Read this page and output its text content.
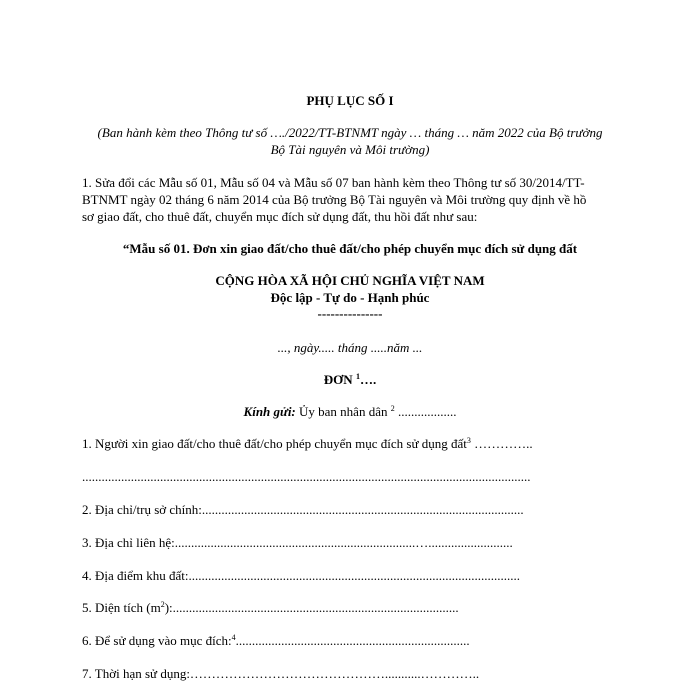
PHỤ LỤC SỐ I
(Ban hành kèm theo Thông tư số …./2022/TT-BTNMT ngày … tháng … năm 2022 của Bộ trưởng
Bộ Tài nguyên và Môi trường)
1. Sửa đổi các Mẫu số 01, Mẫu số 04 và Mẫu số 07 ban hành kèm theo Thông tư số 30/2014/TT-
BTNMT ngày 02 tháng 6 năm 2014 của Bộ trưởng Bộ Tài nguyên và Môi trường quy định về hồ
sơ giao đất, cho thuê đất, chuyển mục đích sử dụng đất, thu hồi đất như sau:
“Mẫu số 01. Đơn xin giao đất/cho thuê đất/cho phép chuyển mục đích sử dụng đất
CỘNG HÒA XÃ HỘI CHỦ NGHĨA VIỆT NAM
Độc lập - Tự do - Hạnh phúc
---------------
..., ngày..... tháng .....năm ...
ĐƠN $^1$….
Kính gửi: Ủy ban nhân dân $^2$ ..................
1. Người xin giao đất/cho thuê đất/cho phép chuyển mục đích sử dụng đất$^3$ …………..
..........................................................................................................................................
2. Địa chỉ/trụ sở chính:...................................................................................................
3. Địa chỉ liên hệ:..........................................................................…..........................
4. Địa điểm khu đất:......................................................................................................
5. Diện tích $(m^2)$:........................................................................................
6. Để sử dụng vào mục đích:$^4$........................................................................
7. Thời hạn sử dụng:………………………………………...........…………..
